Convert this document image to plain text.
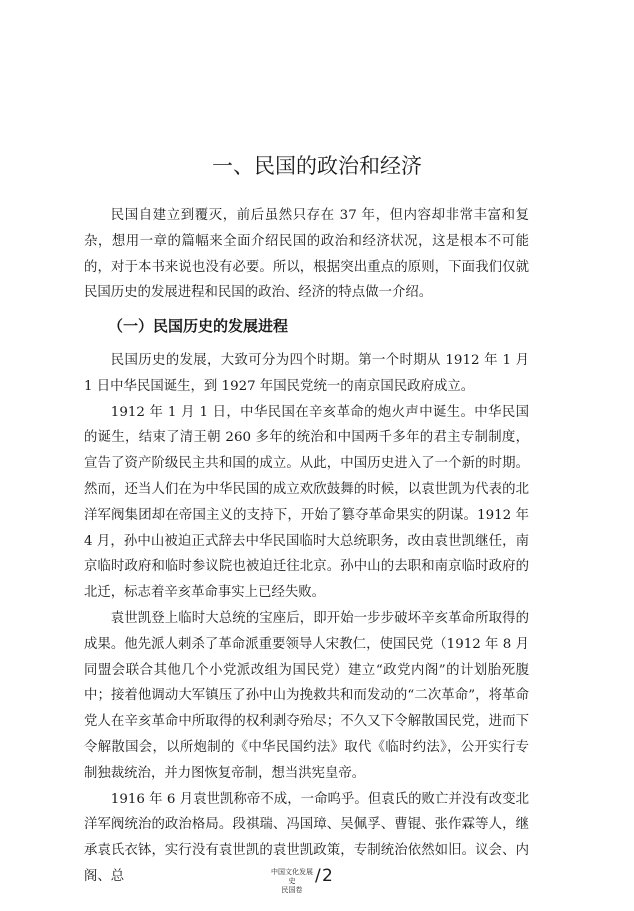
一、民国的政治和经济

民国自建立到覆灭，前后虽然只存在 37 年，但内容却非常丰富和复杂，想用一章的篇幅来全面介绍民国的政治和经济状况，这是根本不可能的，对于本书来说也没有必要。所以，根据突出重点的原则，下面我们仅就民国历史的发展进程和民国的政治、经济的特点做一介绍。

（一）民国历史的发展进程

民国历史的发展，大致可分为四个时期。第一个时期从 1912 年 1 月 1 日中华民国诞生，到 1927 年国民党统一的南京国民政府成立。

1912 年 1 月 1 日，中华民国在辛亥革命的炮火声中诞生。中华民国的诞生，结束了清王朝 260 多年的统治和中国两千多年的君主专制制度，宣告了资产阶级民主共和国的成立。从此，中国历史进入了一个新的时期。然而，还当人们在为中华民国的成立欢欣鼓舞的时候，以袁世凯为代表的北洋军阀集团却在帝国主义的支持下，开始了篡夺革命果实的阴谋。1912 年 4 月，孙中山被迫正式辞去中华民国临时大总统职务，改由袁世凯继任，南京临时政府和临时参议院也被迫迁往北京。孙中山的去职和南京临时政府的北迁，标志着辛亥革命事实上已经失败。

袁世凯登上临时大总统的宝座后，即开始一步步破坏辛亥革命所取得的成果。他先派人刺杀了革命派重要领导人宋教仁，使国民党（1912 年 8 月同盟会联合其他几个小党派改组为国民党）建立“政党内阁”的计划胎死腹中；接着他调动大军镇压了孙中山为挽救共和而发动的“二次革命”，将革命党人在辛亥革命中所取得的权利剥夺殆尽；不久又下令解散国民党，进而下令解散国会，以所炮制的《中华民国约法》取代《临时约法》，公开实行专制独裁统治，并力图恢复帝制，想当洪宪皇帝。

1916 年 6 月袁世凯称帝不成，一命呜乎。但袁氏的败亡并没有改变北洋军阀统治的政治格局。段祺瑞、冯国璋、吴佩孚、曹锟、张作霖等人，继承袁氏衣钵，实行没有袁世凯的袁世凯政策，专制统治依然如旧。议会、内阁、总	中国文化发展史
民国卷
/ 2
